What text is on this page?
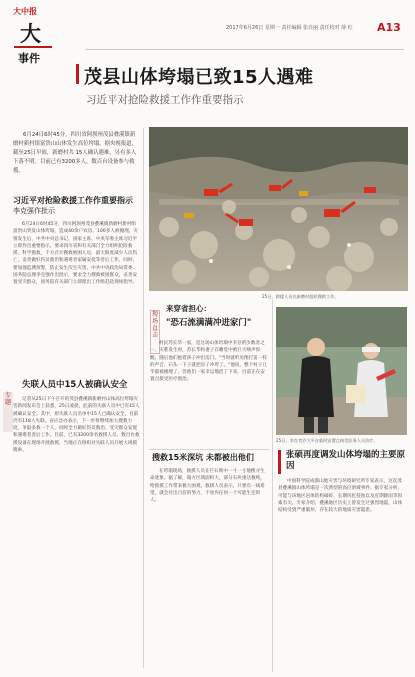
大中报
大
事件
2017年6月26日 星期一 责任编辑 张亮丽 责任校对 薛 红 A13
茂县山体垮塌已致15人遇难
习近平对抢险救援工作作重要指示
6月24日6时45分，四川省阿坝州茂县叠溪镇新磨村新村组富贵山山体发生高位垮塌。据央视报道，截至25日早间，新磨村共 15人确认遇难，另有多人下落不明。目前已有3200多人，数百台设备参与救援。
习近平对抢险救援工作作重要指示
李克强作批示
6月24日6时45分，四川阿坝州茂县叠溪镇新磨村新村组富贵山突发山体垮塌，造成40余户农房、100多人被掩埋。灾情发生后，中共中央总书记、国家主席、中央军委主席习近平立即作出重要指示，要求四川省和有关部门全力组织抢险救援，科学施救，千方百计搜救被困人员，最大限度减少人员伤亡，妥善做好伤员救治和遇难者家属安抚等善后工作。同时，要加强监测预警，防止发生次生灾害。中共中央政治局常委、国务院总理李克强作出批示，要求全力搜救被困群众，妥善安置受灾群众，国务院有关部门立即派出工作组赶赴现场指导。
专题
失联人员中15人被确认安全
记者从25日下午召开的茂县叠溪镇新磨村山体高位垮塌灾害新闻发布会上获悉，25日凌晨，此前的失联人员中已有15人被确认安全。其中，原失联人员名单中15人已确认安全，目前仍有118人失联。省应急办表示，下一步将继续加大搜救力度，争取多救一个人，同时全力做好伤员救治、受灾群众安置和遇难者善后工作。目前，已有3200余名救援人员、数百台救援设备在现场开展救援，当地正在组织对失联人员开展大规模搜索。
25日，救援人员在新磨村组织搜救工作。
现场直击
来穿省担心：
"恐石流满满冲进家门"
村民苏长华一家，是这场山体垮塌中幸存的少数者之一。灾难发生时，苏长华和妻子在睡觉中被巨大响声惊醒，随后他们抱着孩子冲出房门。"当时就听见像打雷一样的声音，石头一下子就把房子冲垮了。"他说，整个村子几乎都被掩埋了，但他们一家幸运地活了下来，目前正在安置点接受医疗救治。
25日，幸存者乔大平在临时安置点接受医务人员治疗。
搜救15米深坑 未都被出他们
在垮塌现场，救援人员在巨石堆中一寸一寸地搜寻生命迹象。据了解，塌方区域面积大，部分石块重达数吨，给救援工作带来极大困难。救援人员表示，只要有一线希望，就会付出百倍的努力，不放弃任何一个可能生还的人。
张硕再度调发山体垮塌的主要原因
中国科学院成都山地灾害与环境研究所专家表示，这次茂县叠溪镇山体垮塌是一次典型的高位滑坡事件。据专家分析，可能与该地区岩体结构破碎、长期风化侵蚀以及近期降雨等因素有关。专家介绍，叠溪地区历史上曾发生过强烈地震，山体结构受到严重破坏，存在较大的地质灾害隐患。
